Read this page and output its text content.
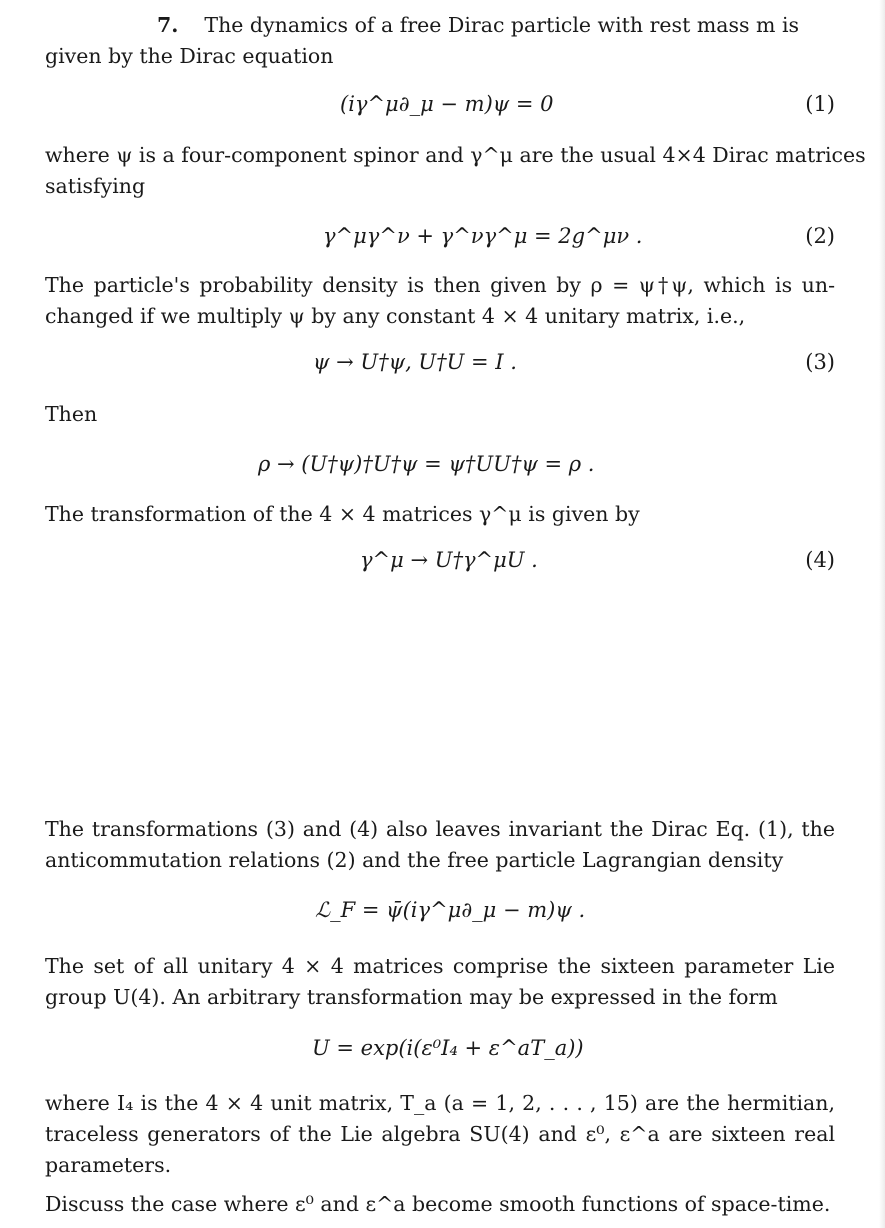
7. The dynamics of a free Dirac particle with rest mass m is
given by the Dirac equation
(iγ^μ∂_μ − m)ψ = 0	(1)
where ψ is a four-component spinor and γ^μ are the usual 4×4 Dirac matrices
satisfying
γ^μγ^ν + γ^νγ^μ = 2g^μν .	(2)
The particle's probability density is then given by ρ = ψ†ψ, which is un-
changed if we multiply ψ by any constant 4 × 4 unitary matrix, i.e.,
ψ → U†ψ, U†U = I .	(3)
Then
ρ → (U†ψ)†U†ψ = ψ†UU†ψ = ρ .
The transformation of the 4 × 4 matrices γ^μ is given by
γ^μ → U†γ^μU .	(4)
The transformations (3) and (4) also leaves invariant the Dirac Eq. (1), the
anticommutation relations (2) and the free particle Lagrangian density
ℒ_F = ψ̄(iγ^μ∂_μ − m)ψ .
The set of all unitary 4 × 4 matrices comprise the sixteen parameter Lie
group U(4). An arbitrary transformation may be expressed in the form
U = exp(i(ε⁰I₄ + ε^aT_a))
where I₄ is the 4 × 4 unit matrix, T_a (a = 1, 2, . . . , 15) are the hermitian,
traceless generators of the Lie algebra SU(4) and ε⁰, ε^a are sixteen real
parameters.
Discuss the case where ε⁰ and ε^a become smooth functions of space-time.
